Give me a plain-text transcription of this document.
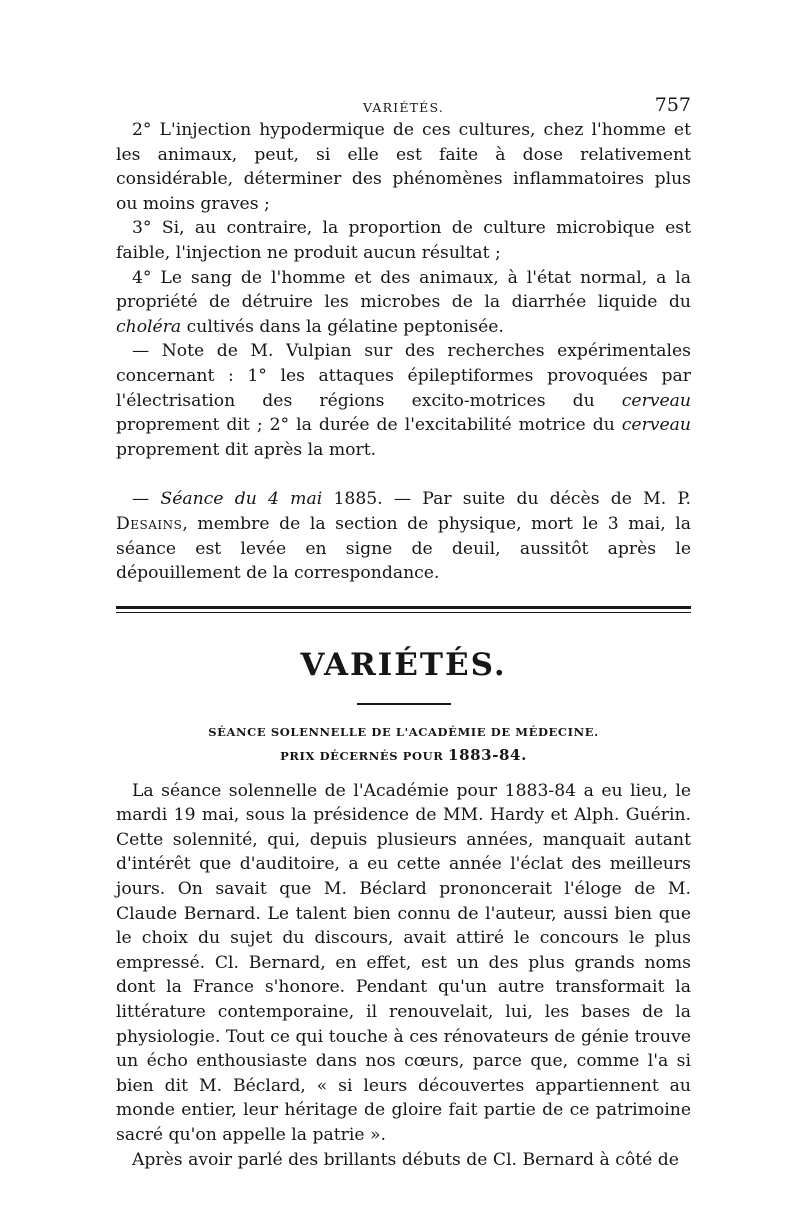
VARIÉTÉS.	757

2° L'injection hypodermique de ces cultures, chez l'homme et les animaux, peut, si elle est faite à dose relativement considérable, déterminer des phénomènes inflammatoires plus ou moins graves ;

3° Si, au contraire, la proportion de culture microbique est faible, l'injection ne produit aucun résultat ;

4° Le sang de l'homme et des animaux, à l'état normal, a la propriété de détruire les microbes de la diarrhée liquide du choléra cultivés dans la gélatine peptonisée.

— Note de M. Vulpian sur des recherches expérimentales concernant : 1° les attaques épileptiformes provoquées par l'électrisation des régions excito-motrices du cerveau proprement dit ; 2° la durée de l'excitabilité motrice du cerveau proprement dit après la mort.

— Séance du 4 mai 1885. — Par suite du décès de M. P. Desains, membre de la section de physique, mort le 3 mai, la séance est levée en signe de deuil, aussitôt après le dépouillement de la correspondance.

VARIÉTÉS.
SÉANCE SOLENNELLE DE L'ACADÉMIE DE MÉDECINE.
PRIX DÉCERNÉS POUR 1883-84.

La séance solennelle de l'Académie pour 1883-84 a eu lieu, le mardi 19 mai, sous la présidence de MM. Hardy et Alph. Guérin. Cette solennité, qui, depuis plusieurs années, manquait autant d'intérêt que d'auditoire, a eu cette année l'éclat des meilleurs jours. On savait que M. Béclard prononcerait l'éloge de M. Claude Bernard. Le talent bien connu de l'auteur, aussi bien que le choix du sujet du discours, avait attiré le concours le plus empressé. Cl. Bernard, en effet, est un des plus grands noms dont la France s'honore. Pendant qu'un autre transformait la littérature contemporaine, il renouvelait, lui, les bases de la physiologie. Tout ce qui touche à ces rénovateurs de génie trouve un écho enthousiaste dans nos cœurs, parce que, comme l'a si bien dit M. Béclard, « si leurs découvertes appartiennent au monde entier, leur héritage de gloire fait partie de ce patrimoine sacré qu'on appelle la patrie ».

Après avoir parlé des brillants débuts de Cl. Bernard à côté de
